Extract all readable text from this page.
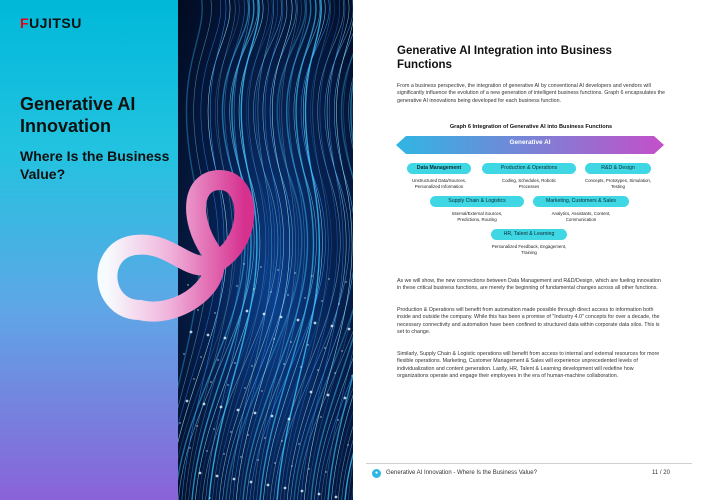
FUJITSU
Generative AI Innovation
Where Is the Business Value?
Generative AI Integration into Business Functions
From a business perspective, the integration of generative AI by conventional AI developers and vendors will significantly influence the evolution of a new generation of intelligent business functions. Graph 6 encapsulates the generative AI innovations being developed for each business function.
Graph 6 Integration of Generative AI into Business Functions
Generative AI
Data Management
Unstructured Data/Sources, Personalized Information
Production & Operations
Coding, Schedules, Robotic Processes
R&D & Design
Concepts, Prototypes, Simulation, Testing
Supply Chain & Logistics
Internal/External Sources, Predictions, Routing
Marketing, Customers & Sales
Analytics, Assistants, Content, Communication
HR, Talent & Learning
Personalized Feedback, Engagement, Training
As we will show, the new connections between Data Management and R&D/Design, which are fueling innovation in these critical business functions, are merely the beginning of fundamental changes across all other functions.
Production & Operations will benefit from automation made possible through direct access to information both inside and outside the company. While this has been a promise of "Industry 4.0" concepts for over a decade, the necessary connectivity and automation have been confined to structured data within corporate data silos. This is set to change.
Similarly, Supply Chain & Logistic operations will benefit from access to internal and external resources for more flexible operations. Marketing, Customer Management & Sales will experience unprecedented levels of individualization and content generation. Lastly, HR, Talent & Learning development will redefine how organizations operate and engage their employees in the era of human-machine collaboration.
●	Generative AI Innovation - Where Is the Business Value?	11 / 20
